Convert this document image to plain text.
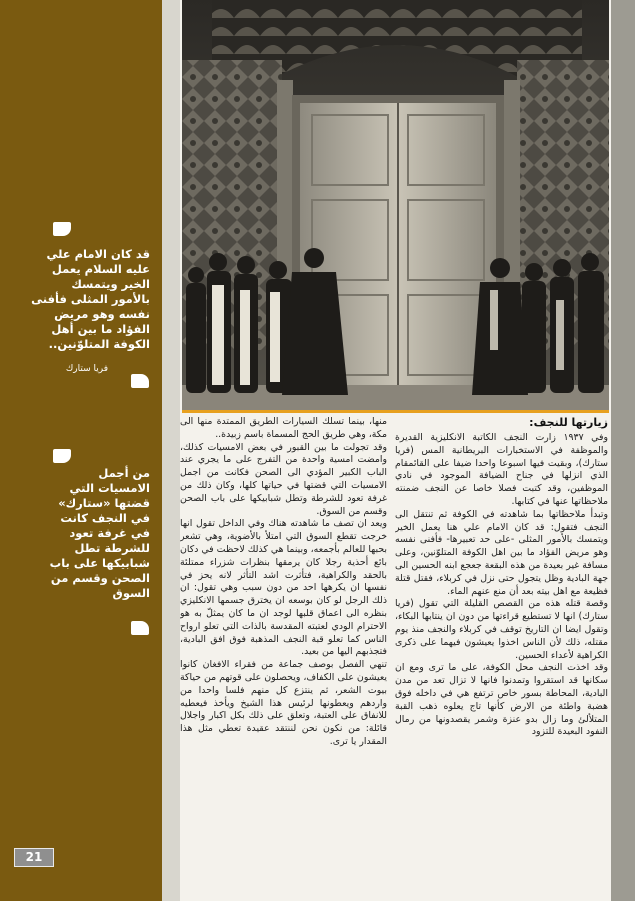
قد كان الامام علي
عليه السلام يعمل
الخير ويتمسك
بالأمور المثلى فأفنى
نفسه وهو مريض
الفؤاد ما بين أهل
الكوفة المتلوّنين..
فريا ستارك
من أجمل
الامسيات التي
قضتها «ستارك»
في النجف كانت
في غرفة تعود
للشرطة تطل
شبابيكها على باب
الصحن وقسم من
السوق
21
زيارتها للنجف:
وفي ١٩٣٧ زارت النجف الكاتبة الانكليزية القديرة والموظفة في الاستخبارات البريطانية المس (فريا ستارك)، وبقيت فيها اسبوعا واحدا ضيفا على القائمقام الذي انزلها في جناح الضيافة الموجود في نادي الموظفين، وقد كتبت فصلا خاصا عن النجف ضمنته ملاحظاتها عنها في كتابها.
وتبدأ ملاحظاتها بما شاهدته في الكوفة ثم تنتقل الى النجف فتقول: قد كان الامام علي هنا يعمل الخير ويتمسك بالأمور المثلى -على حد تعبيرها- فأفنى نفسه وهو مريض الفؤاد ما بين اهل الكوفة المتلوّنين، وعلى مسافة غير بعيدة من هذه البقعة جعجع ابنه الحسين الى جهة البادية وظل يتجول حتى نزل في كربلاء، فقتل قتلة فظيعة مع اهل بيته بعد أن منع عنهم الماء.
وقصة قتله هذه من القصص القليلة التي تقول (فريا ستارك) انها لا تستطيع قراءتها من دون ان ينتابها البكاء، وتقول ايضا ان التاريخ توقف في كربلاء والنجف منذ يوم مقتله، ذلك لأن الناس اخذوا يعيشون فيهما على ذكرى الكراهية لأعداء الحسين.
وقد اخذت النجف محل الكوفة، على ما ترى ومع ان سكانها قد استقروا وتمدنوا فانها لا تزال تعد من مدن البادية، المحاطة بسور خاص ترتفع هي في داخله فوق هضبة واطئة من الارض كأنها تاج يعلوه ذهب القبة المتلألئ وما زال بدو عنزة وشمر يقصدونها من رمال النفود البعيدة للتزود
منها، بينما تسلك السيارات الطريق الممتدة منها الى مكة، وهي طريق الحج المسماة باسم زبيدة..
وقد تجولت ما بين القبور في بعض الامسيات كذلك، وامضت امسية واحدة من التفرج على ما يجري عند الباب الكبير المؤدي الى الصحن فكانت من اجمل الامسيات التي قضتها في حياتها كلها، وكان ذلك من غرفة تعود للشرطة وتطل شبابيكها على باب الصحن وقسم من السوق.
ويعد ان تصف ما شاهدته هناك وفي الداخل تقول انها خرجت تقطع السوق التي امتلأ بالأضوية، وهي تشعر بحبها للعالم بأجمعه، وبينما هي كذلك لاحظت في دكان بائع أحذية رجلا كان يرمقها بنظرات شزراء ممتلئة بالحقد والكراهية، فتأثرت اشد التأثر لانه يحز في نفسها ان يكرهها احد من دون سبب وهي تقول: ان ذلك الرجل لو كان بوسعه ان يخترق جسمها الانكليزي بنظره الى اعماق قلبها لوجد ان ما كان يمثلّ به هو الاحترام الودي لعتبته المقدسة بالذات التي تعلو ارواح الناس كما تعلو قبة النجف المذهبة فوق افق البادية، فتجذبهم اليها من بعيد.
تنهي الفصل بوصف جماعة من فقراء الافغان كانوا يعيشون على الكفاف، ويحصلون على قوتهم من حياكة بيوت الشعر، ثم ينتزع كل منهم فلسا واحدا من واردهم ويعطونها لرئيس هذا الشيخ ويأخذ فيعطيه للانفاق على العتبة، وتعلق على ذلك بكل اكبار واجلال قائلة: من نكون نحن لننتقد عقيدة تعطي مثل هذا المقدار يا ترى.
